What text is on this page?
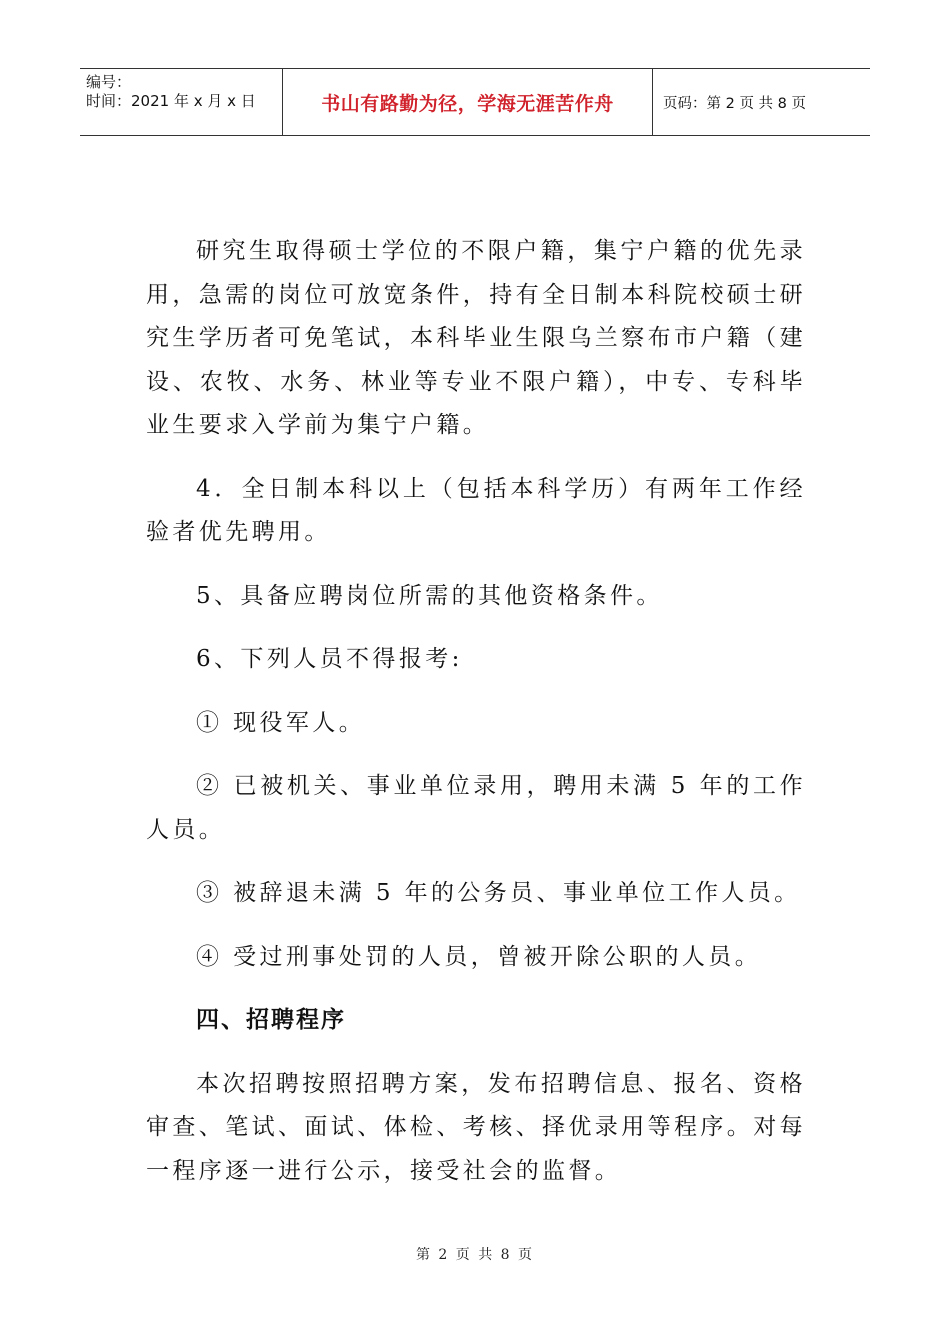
编号：
时间：2021 年 x 月 x 日	书山有路勤为径，学海无涯苦作舟	页码：第 2 页 共 8 页

研究生取得硕士学位的不限户籍，集宁户籍的优先录用，急需的岗位可放宽条件，持有全日制本科院校硕士研究生学历者可免笔试，本科毕业生限乌兰察布市户籍（建设、农牧、水务、林业等专业不限户籍），中专、专科毕业生要求入学前为集宁户籍。

4．全日制本科以上（包括本科学历）有两年工作经验者优先聘用。

5、具备应聘岗位所需的其他资格条件。

6、下列人员不得报考:

① 现役军人。

② 已被机关、事业单位录用，聘用未满 5 年的工作人员。

③ 被辞退未满 5 年的公务员、事业单位工作人员。

④ 受过刑事处罚的人员，曾被开除公职的人员。

四、招聘程序

本次招聘按照招聘方案，发布招聘信息、报名、资格审查、笔试、面试、体检、考核、择优录用等程序。对每一程序逐一进行公示，接受社会的监督。

第 2 页 共 8 页
